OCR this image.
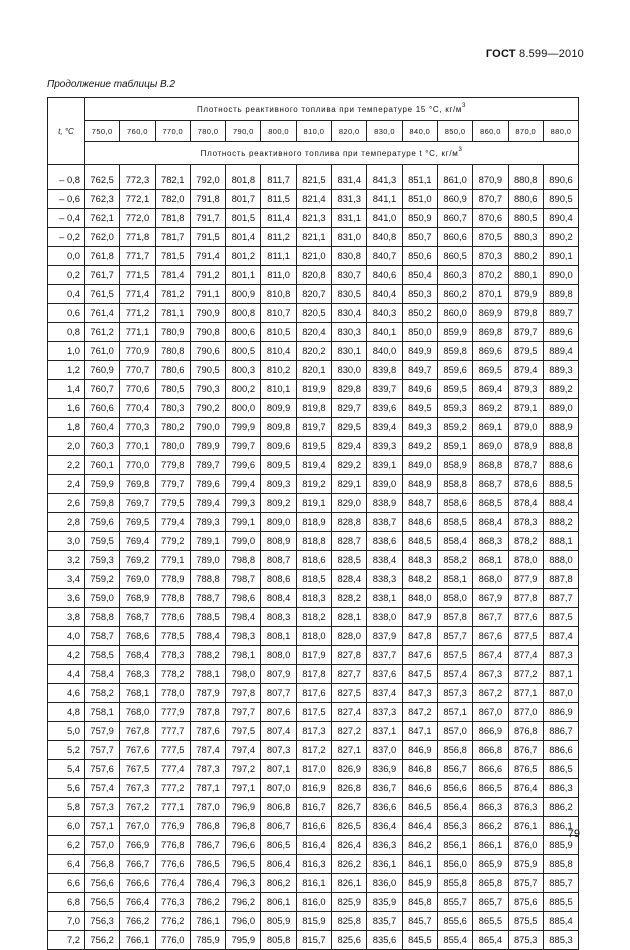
ГОСТ 8.599—2010
Продолжение таблицы В.2
t, °C	Плотность реактивного топлива при температуре 15 °С, $кг/м^3$
	750,0	760,0	770,0	780,0	790,0	800,0	810,0	820,0	830,0	840,0	850,0	860,0	870,0	880,0
	Плотность реактивного топлива при температуре t °С, $кг/м^3$
– 0,8	762,5	772,3	782,1	792,0	801,8	811,7	821,5	831,4	841,3	851,1	861,0	870,9	880,8	890,6
– 0,6	762,3	772,1	782,0	791,8	801,7	811,5	821,4	831,3	841,1	851,0	860,9	870,7	880,6	890,5
– 0,4	762,1	772,0	781,8	791,7	801,5	811,4	821,3	831,1	841,0	850,9	860,7	870,6	880,5	890,4
– 0,2	762,0	771,8	781,7	791,5	801,4	811,2	821,1	831,0	840,8	850,7	860,6	870,5	880,3	890,2
0,0	761,8	771,7	781,5	791,4	801,2	811,1	821,0	830,8	840,7	850,6	860,5	870,3	880,2	890,1
0,2	761,7	771,5	781,4	791,2	801,1	811,0	820,8	830,7	840,6	850,4	860,3	870,2	880,1	890,0
0,4	761,5	771,4	781,2	791,1	800,9	810,8	820,7	830,5	840,4	850,3	860,2	870,1	879,9	889,8
0,6	761,4	771,2	781,1	790,9	800,8	810,7	820,5	830,4	840,3	850,2	860,0	869,9	879,8	889,7
0,8	761,2	771,1	780,9	790,8	800,6	810,5	820,4	830,3	840,1	850,0	859,9	869,8	879,7	889,6
1,0	761,0	770,9	780,8	790,6	800,5	810,4	820,2	830,1	840,0	849,9	859,8	869,6	879,5	889,4
1,2	760,9	770,7	780,6	790,5	800,3	810,2	820,1	830,0	839,8	849,7	859,6	869,5	879,4	889,3
1,4	760,7	770,6	780,5	790,3	800,2	810,1	819,9	829,8	839,7	849,6	859,5	869,4	879,3	889,2
1,6	760,6	770,4	780,3	790,2	800,0	809,9	819,8	829,7	839,6	849,5	859,3	869,2	879,1	889,0
1,8	760,4	770,3	780,2	790,0	799,9	809,8	819,7	829,5	839,4	849,3	859,2	869,1	879,0	888,9
2,0	760,3	770,1	780,0	789,9	799,7	809,6	819,5	829,4	839,3	849,2	859,1	869,0	878,9	888,8
2,2	760,1	770,0	779,8	789,7	799,6	809,5	819,4	829,2	839,1	849,0	858,9	868,8	878,7	888,6
2,4	759,9	769,8	779,7	789,6	799,4	809,3	819,2	829,1	839,0	848,9	858,8	868,7	878,6	888,5
2,6	759,8	769,7	779,5	789,4	799,3	809,2	819,1	829,0	838,9	848,7	858,6	868,5	878,4	888,4
2,8	759,6	769,5	779,4	789,3	799,1	809,0	818,9	828,8	838,7	848,6	858,5	868,4	878,3	888,2
3,0	759,5	769,4	779,2	789,1	799,0	808,9	818,8	828,7	838,6	848,5	858,4	868,3	878,2	888,1
3,2	759,3	769,2	779,1	789,0	798,8	808,7	818,6	828,5	838,4	848,3	858,2	868,1	878,0	888,0
3,4	759,2	769,0	778,9	788,8	798,7	808,6	818,5	828,4	838,3	848,2	858,1	868,0	877,9	887,8
3,6	759,0	768,9	778,8	788,7	798,6	808,4	818,3	828,2	838,1	848,0	858,0	867,9	877,8	887,7
3,8	758,8	768,7	778,6	788,5	798,4	808,3	818,2	828,1	838,0	847,9	857,8	867,7	877,6	887,5
4,0	758,7	768,6	778,5	788,4	798,3	808,1	818,0	828,0	837,9	847,8	857,7	867,6	877,5	887,4
4,2	758,5	768,4	778,3	788,2	798,1	808,0	817,9	827,8	837,7	847,6	857,5	867,4	877,4	887,3
4,4	758,4	768,3	778,2	788,1	798,0	807,9	817,8	827,7	837,6	847,5	857,4	867,3	877,2	887,1
4,6	758,2	768,1	778,0	787,9	797,8	807,7	817,6	827,5	837,4	847,3	857,3	867,2	877,1	887,0
4,8	758,1	768,0	777,9	787,8	797,7	807,6	817,5	827,4	837,3	847,2	857,1	867,0	877,0	886,9
5,0	757,9	767,8	777,7	787,6	797,5	807,4	817,3	827,2	837,1	847,1	857,0	866,9	876,8	886,7
5,2	757,7	767,6	777,5	787,4	797,4	807,3	817,2	827,1	837,0	846,9	856,8	866,8	876,7	886,6
5,4	757,6	767,5	777,4	787,3	797,2	807,1	817,0	826,9	836,9	846,8	856,7	866,6	876,5	886,5
5,6	757,4	767,3	777,2	787,1	797,1	807,0	816,9	826,8	836,7	846,6	856,6	866,5	876,4	886,3
5,8	757,3	767,2	777,1	787,0	796,9	806,8	816,7	826,7	836,6	846,5	856,4	866,3	876,3	886,2
6,0	757,1	767,0	776,9	786,8	796,8	806,7	816,6	826,5	836,4	846,4	856,3	866,2	876,1	886,1
6,2	757,0	766,9	776,8	786,7	796,6	806,5	816,4	826,4	836,3	846,2	856,1	866,1	876,0	885,9
6,4	756,8	766,7	776,6	786,5	796,5	806,4	816,3	826,2	836,1	846,1	856,0	865,9	875,9	885,8
6,6	756,6	766,6	776,4	786,4	796,3	806,2	816,1	826,1	836,0	845,9	855,8	865,8	875,7	885,7
6,8	756,5	766,4	776,3	786,2	796,2	806,1	816,0	825,9	835,9	845,8	855,7	865,7	875,6	885,5
7,0	756,3	766,2	776,2	786,1	796,0	805,9	815,9	825,8	835,7	845,7	855,6	865,5	875,5	885,4
7,2	756,2	766,1	776,0	785,9	795,9	805,8	815,7	825,6	835,6	845,5	855,4	865,4	875,3	885,3
79
